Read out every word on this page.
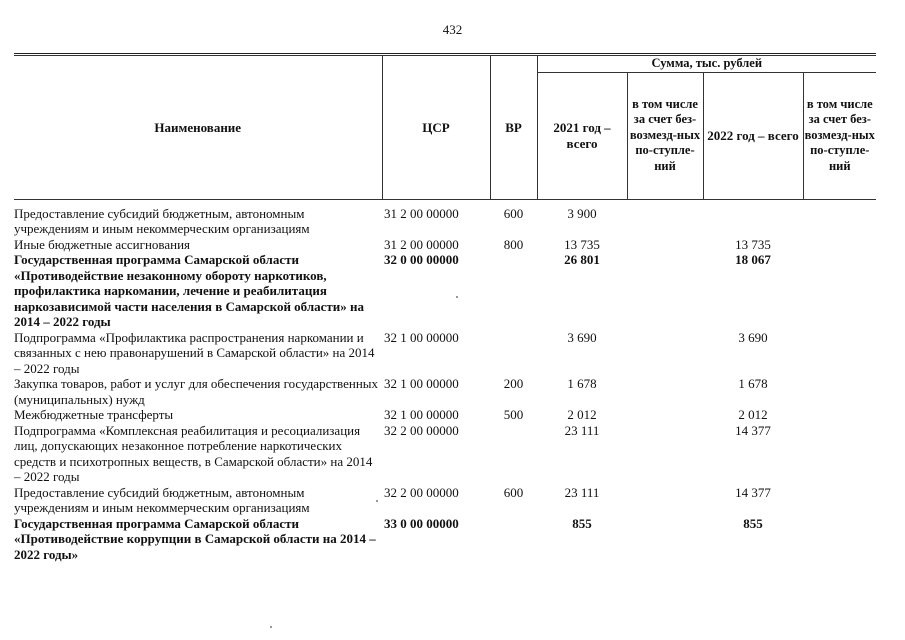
432
Наименование	ЦСР	ВР	Сумма, тыс. рублей			
			2021 год – всего	в том числе за счет без-возмезд-ных по-ступле-ний	2022 год – всего	в том числе за счет без-возмезд-ных по-ступле-ний
Предоставление субсидий бюджетным, автономным учреждениям и иным некоммерческим организациям	31 2 00 00000	600	3 900			
Иные бюджетные ассигнования	31 2 00 00000	800	13 735		13 735	
Государственная программа Самарской области «Противодействие незаконному обороту наркотиков, профилактика наркомании, лечение и реабилитация наркозависимой части населения в Самарской области» на 2014 – 2022 годы	32 0 00 00000		26 801		18 067	
Подпрограмма «Профилактика распространения наркомании и связанных с нею правонарушений в Самарской области» на 2014 – 2022 годы	32 1 00 00000		3 690		3 690	
Закупка товаров, работ и услуг для обеспечения государственных (муниципальных) нужд	32 1 00 00000	200	1 678		1 678	
Межбюджетные трансферты	32 1 00 00000	500	2 012		2 012	
Подпрограмма «Комплексная реабилитация и ресоциализация лиц, допускающих незаконное потребление наркотических средств и психотропных веществ, в Самарской области» на 2014 – 2022 годы	32 2 00 00000		23 111		14 377	
Предоставление субсидий бюджетным, автономным учреждениям и иным некоммерческим организациям	32 2 00 00000	600	23 111		14 377	
Государственная программа Самарской области «Противодействие коррупции в Самарской области на 2014 – 2022 годы»	33 0 00 00000		855		855	
